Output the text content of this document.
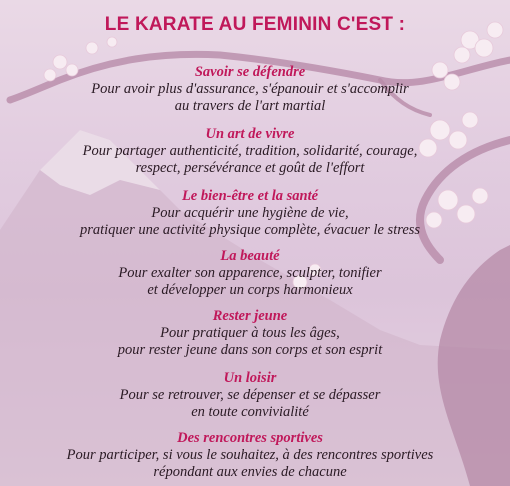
LE KARATE AU FEMININ C'EST :
Savoir se défendre
Pour avoir plus d'assurance, s'épanouir et s'accomplir
au travers de l'art martial
Un art de vivre
Pour partager authenticité, tradition, solidarité, courage,
respect, persévérance et goût de l'effort
Le bien-être et la santé
Pour acquérir une hygiène de vie,
pratiquer une activité physique complète, évacuer le stress
La beauté
Pour exalter son apparence, sculpter, tonifier
et développer un corps harmonieux
Rester jeune
Pour pratiquer à tous les âges,
pour rester jeune dans son corps et son esprit
Un loisir
Pour se retrouver, se dépenser et se dépasser
en toute convivialité
Des rencontres sportives
Pour participer, si vous le souhaitez, à des rencontres sportives
répondant aux envies de chacune
